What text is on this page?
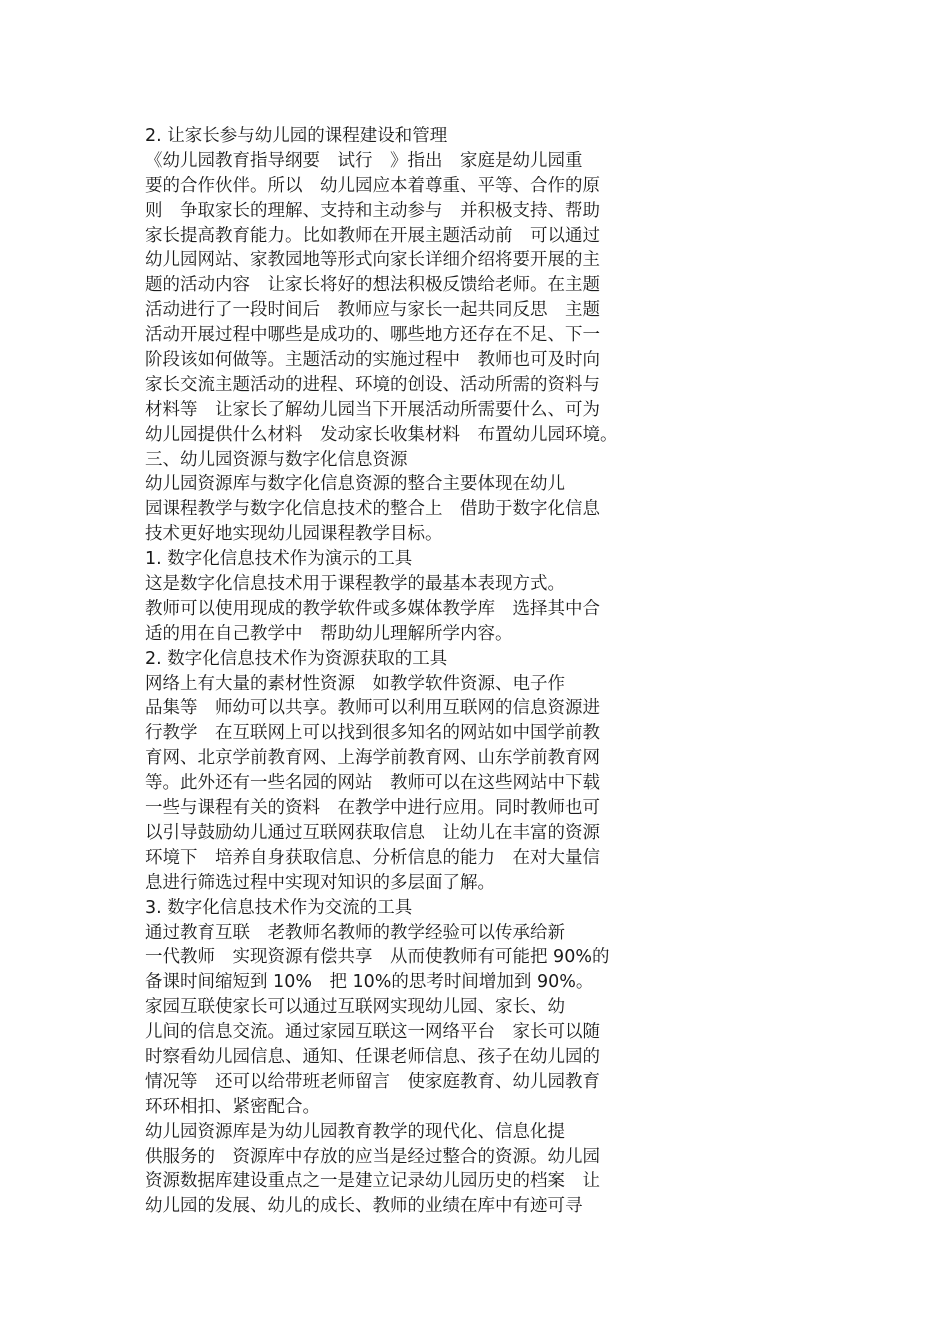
2. 让家长参与幼儿园的课程建设和管理
《幼儿园教育指导纲要　试行　》指出　家庭是幼儿园重
要的合作伙伴。所以　幼儿园应本着尊重、平等、合作的原
则　争取家长的理解、支持和主动参与　并积极支持、帮助
家长提高教育能力。比如教师在开展主题活动前　可以通过
幼儿园网站、家教园地等形式向家长详细介绍将要开展的主
题的活动内容　让家长将好的想法积极反馈给老师。在主题
活动进行了一段时间后　教师应与家长一起共同反思　主题
活动开展过程中哪些是成功的、哪些地方还存在不足、下一
阶段该如何做等。主题活动的实施过程中　教师也可及时向
家长交流主题活动的进程、环境的创设、活动所需的资料与
材料等　让家长了解幼儿园当下开展活动所需要什么、可为
幼儿园提供什么材料　发动家长收集材料　布置幼儿园环境。
三、幼儿园资源与数字化信息资源
幼儿园资源库与数字化信息资源的整合主要体现在幼儿
园课程教学与数字化信息技术的整合上　借助于数字化信息
技术更好地实现幼儿园课程教学目标。
1. 数字化信息技术作为演示的工具
这是数字化信息技术用于课程教学的最基本表现方式。
教师可以使用现成的教学软件或多媒体教学库　选择其中合
适的用在自己教学中　帮助幼儿理解所学内容。
2. 数字化信息技术作为资源获取的工具
网络上有大量的素材性资源　如教学软件资源、电子作
品集等　师幼可以共享。教师可以利用互联网的信息资源进
行教学　在互联网上可以找到很多知名的网站如中国学前教
育网、北京学前教育网、上海学前教育网、山东学前教育网
等。此外还有一些名园的网站　教师可以在这些网站中下载
一些与课程有关的资料　在教学中进行应用。同时教师也可
以引导鼓励幼儿通过互联网获取信息　让幼儿在丰富的资源
环境下　培养自身获取信息、分析信息的能力　在对大量信
息进行筛选过程中实现对知识的多层面了解。
3. 数字化信息技术作为交流的工具
通过教育互联　老教师名教师的教学经验可以传承给新
一代教师　实现资源有偿共享　从而使教师有可能把 90%的
备课时间缩短到 10%　把 10%的思考时间增加到 90%。
家园互联使家长可以通过互联网实现幼儿园、家长、幼
儿间的信息交流。通过家园互联这一网络平台　家长可以随
时察看幼儿园信息、通知、任课老师信息、孩子在幼儿园的
情况等　还可以给带班老师留言　使家庭教育、幼儿园教育
环环相扣、紧密配合。
幼儿园资源库是为幼儿园教育教学的现代化、信息化提
供服务的　资源库中存放的应当是经过整合的资源。幼儿园
资源数据库建设重点之一是建立记录幼儿园历史的档案　让
幼儿园的发展、幼儿的成长、教师的业绩在库中有迹可寻
